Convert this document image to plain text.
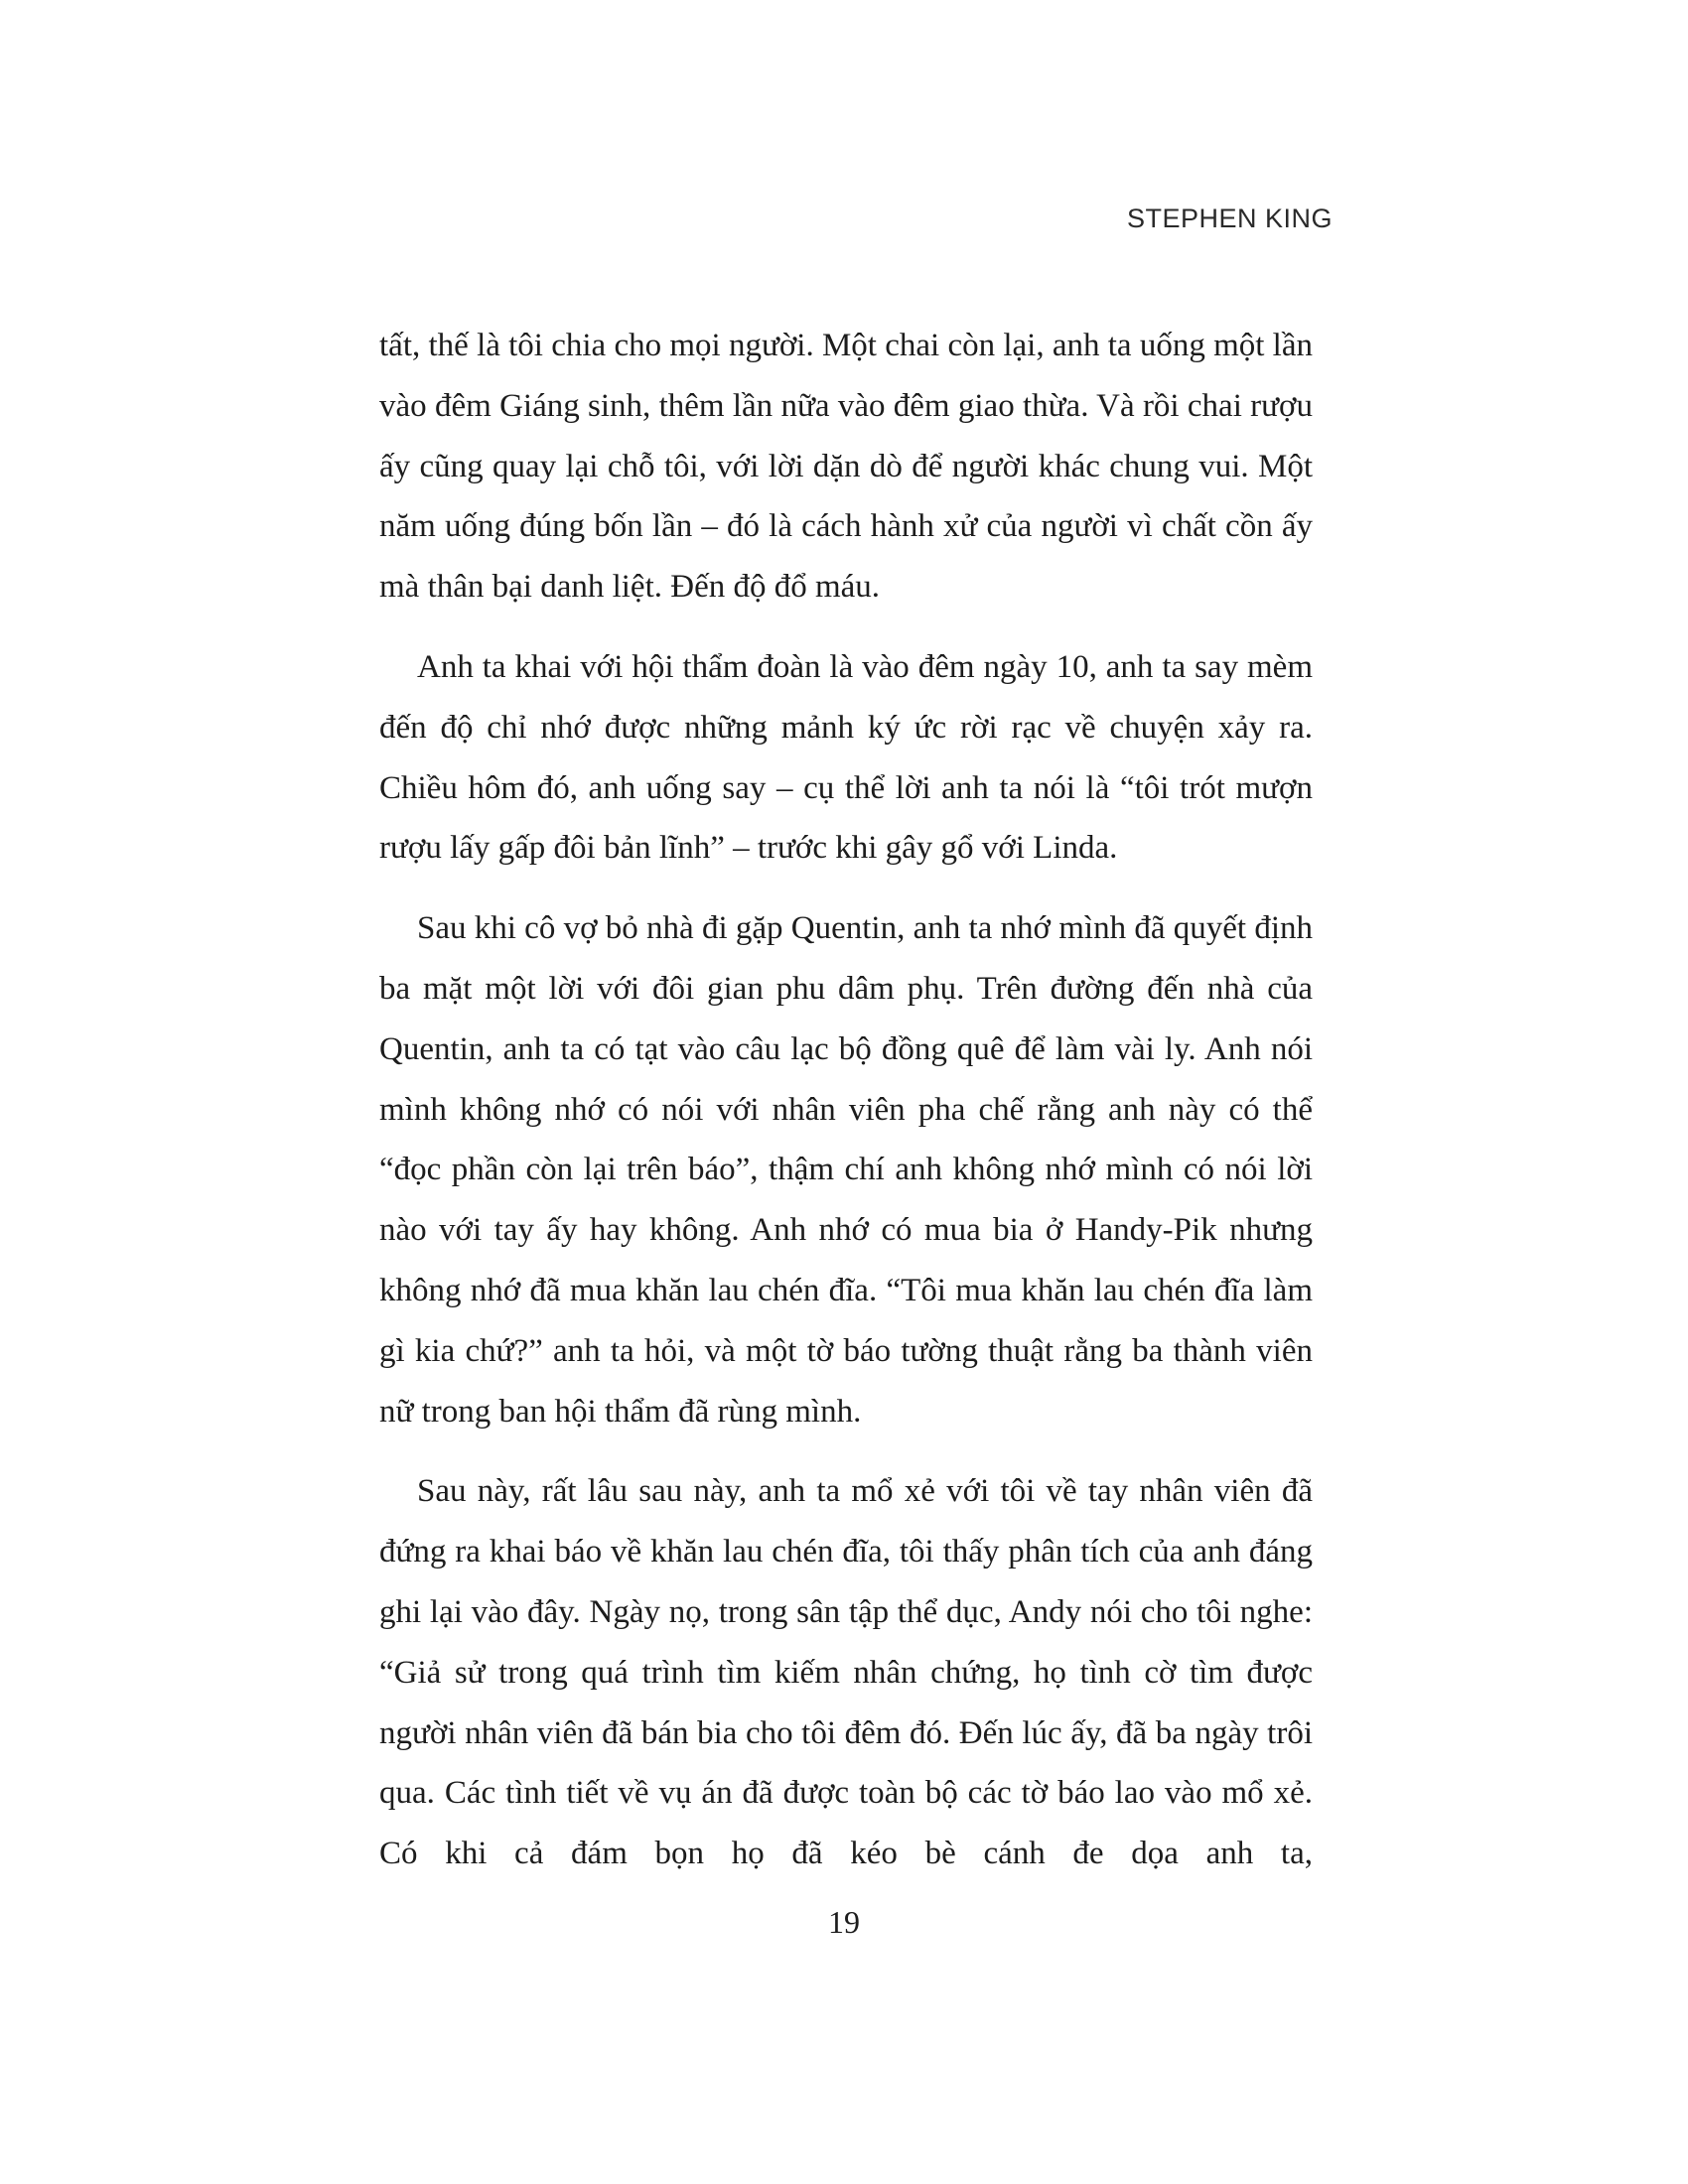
STEPHEN KING

tất, thế là tôi chia cho mọi người. Một chai còn lại, anh ta uống một lần vào đêm Giáng sinh, thêm lần nữa vào đêm giao thừa. Và rồi chai rượu ấy cũng quay lại chỗ tôi, với lời dặn dò để người khác chung vui. Một năm uống đúng bốn lần – đó là cách hành xử của người vì chất cồn ấy mà thân bại danh liệt. Đến độ đổ máu.

Anh ta khai với hội thẩm đoàn là vào đêm ngày 10, anh ta say mèm đến độ chỉ nhớ được những mảnh ký ức rời rạc về chuyện xảy ra. Chiều hôm đó, anh uống say – cụ thể lời anh ta nói là “tôi trót mượn rượu lấy gấp đôi bản lĩnh” – trước khi gây gổ với Linda.

Sau khi cô vợ bỏ nhà đi gặp Quentin, anh ta nhớ mình đã quyết định ba mặt một lời với đôi gian phu dâm phụ. Trên đường đến nhà của Quentin, anh ta có tạt vào câu lạc bộ đồng quê để làm vài ly. Anh nói mình không nhớ có nói với nhân viên pha chế rằng anh này có thể “đọc phần còn lại trên báo”, thậm chí anh không nhớ mình có nói lời nào với tay ấy hay không. Anh nhớ có mua bia ở Handy-Pik nhưng không nhớ đã mua khăn lau chén đĩa. “Tôi mua khăn lau chén đĩa làm gì kia chứ?” anh ta hỏi, và một tờ báo tường thuật rằng ba thành viên nữ trong ban hội thẩm đã rùng mình.

Sau này, rất lâu sau này, anh ta mổ xẻ với tôi về tay nhân viên đã đứng ra khai báo về khăn lau chén đĩa, tôi thấy phân tích của anh đáng ghi lại vào đây. Ngày nọ, trong sân tập thể dục, Andy nói cho tôi nghe: “Giả sử trong quá trình tìm kiếm nhân chứng, họ tình cờ tìm được người nhân viên đã bán bia cho tôi đêm đó. Đến lúc ấy, đã ba ngày trôi qua. Các tình tiết về vụ án đã được toàn bộ các tờ báo lao vào mổ xẻ. Có khi cả đám bọn họ đã kéo bè cánh đe dọa anh ta,

19
